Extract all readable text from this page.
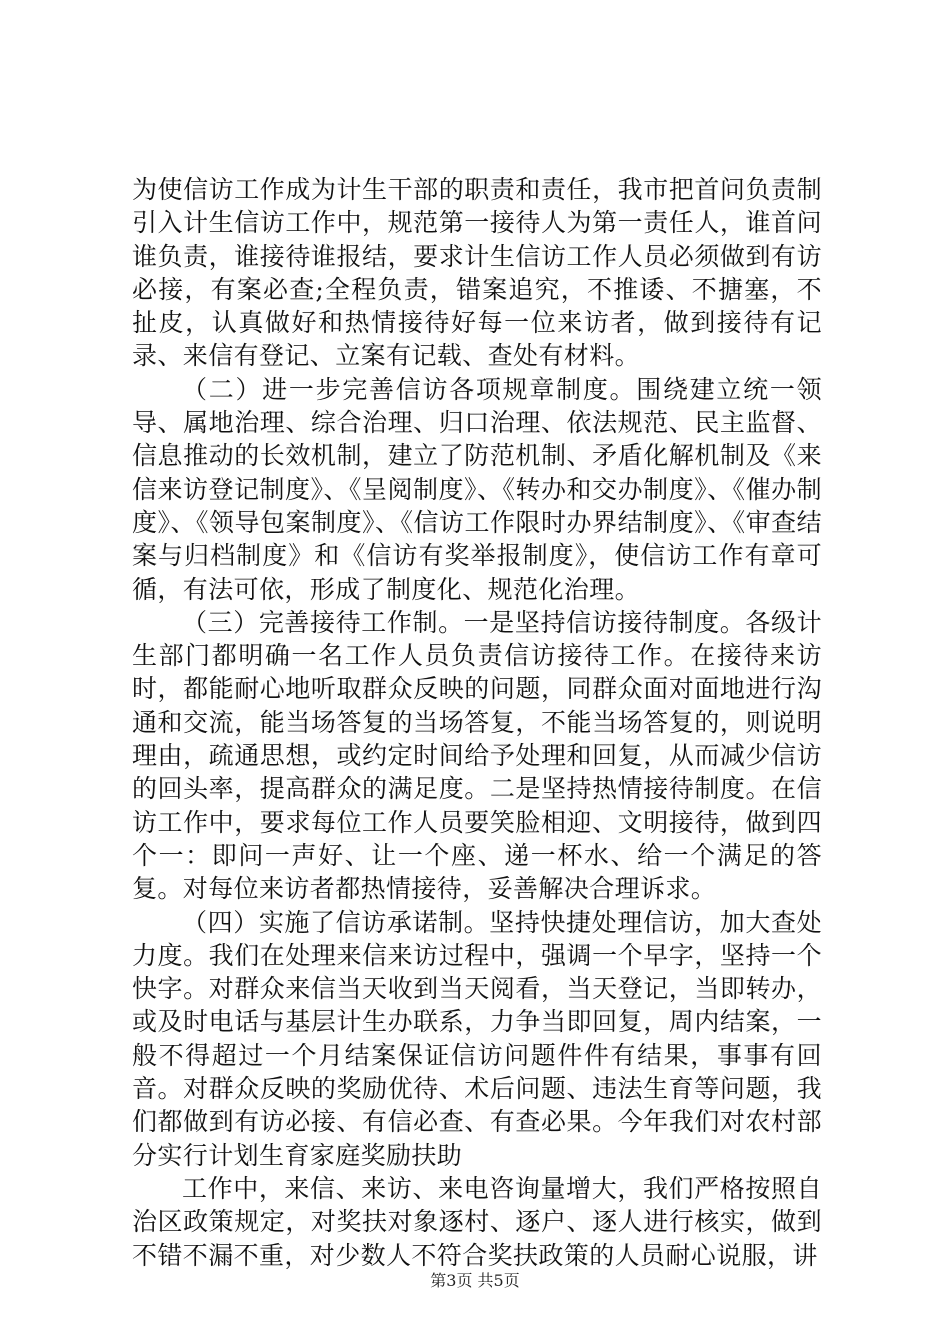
为使信访工作成为计生干部的职责和责任，我市把首问负责制引入计生信访工作中，规范第一接待人为第一责任人，谁首问谁负责，谁接待谁报结，要求计生信访工作人员必须做到有访必接，有案必查;全程负责，错案追究，不推诿、不搪塞，不扯皮，认真做好和热情接待好每一位来访者，做到接待有记录、来信有登记、立案有记载、查处有材料。

（二）进一步完善信访各项规章制度。围绕建立统一领导、属地治理、综合治理、归口治理、依法规范、民主监督、信息推动的长效机制，建立了防范机制、矛盾化解机制及《来信来访登记制度》、《呈阅制度》、《转办和交办制度》、《催办制度》、《领导包案制度》、《信访工作限时办界结制度》、《审查结案与归档制度》和《信访有奖举报制度》，使信访工作有章可循，有法可依，形成了制度化、规范化治理。

（三）完善接待工作制。一是坚持信访接待制度。各级计生部门都明确一名工作人员负责信访接待工作。在接待来访时，都能耐心地听取群众反映的问题，同群众面对面地进行沟通和交流，能当场答复的当场答复，不能当场答复的，则说明理由，疏通思想，或约定时间给予处理和回复，从而减少信访的回头率，提高群众的满足度。二是坚持热情接待制度。在信访工作中，要求每位工作人员要笑脸相迎、文明接待，做到四个一：即问一声好、让一个座、递一杯水、给一个满足的答复。对每位来访者都热情接待，妥善解决合理诉求。

（四）实施了信访承诺制。坚持快捷处理信访，加大查处力度。我们在处理来信来访过程中，强调一个早字，坚持一个快字。对群众来信当天收到当天阅看，当天登记，当即转办，或及时电话与基层计生办联系，力争当即回复，周内结案，一般不得超过一个月结案保证信访问题件件有结果，事事有回音。对群众反映的奖励优待、术后问题、违法生育等问题，我们都做到有访必接、有信必查、有查必果。今年我们对农村部分实行计划生育家庭奖励扶助

工作中，来信、来访、来电咨询量增大，我们严格按照自治区政策规定，对奖扶对象逐村、逐户、逐人进行核实，做到不错不漏不重，对少数人不符合奖扶政策的人员耐心说服，讲

第3页 共5页
